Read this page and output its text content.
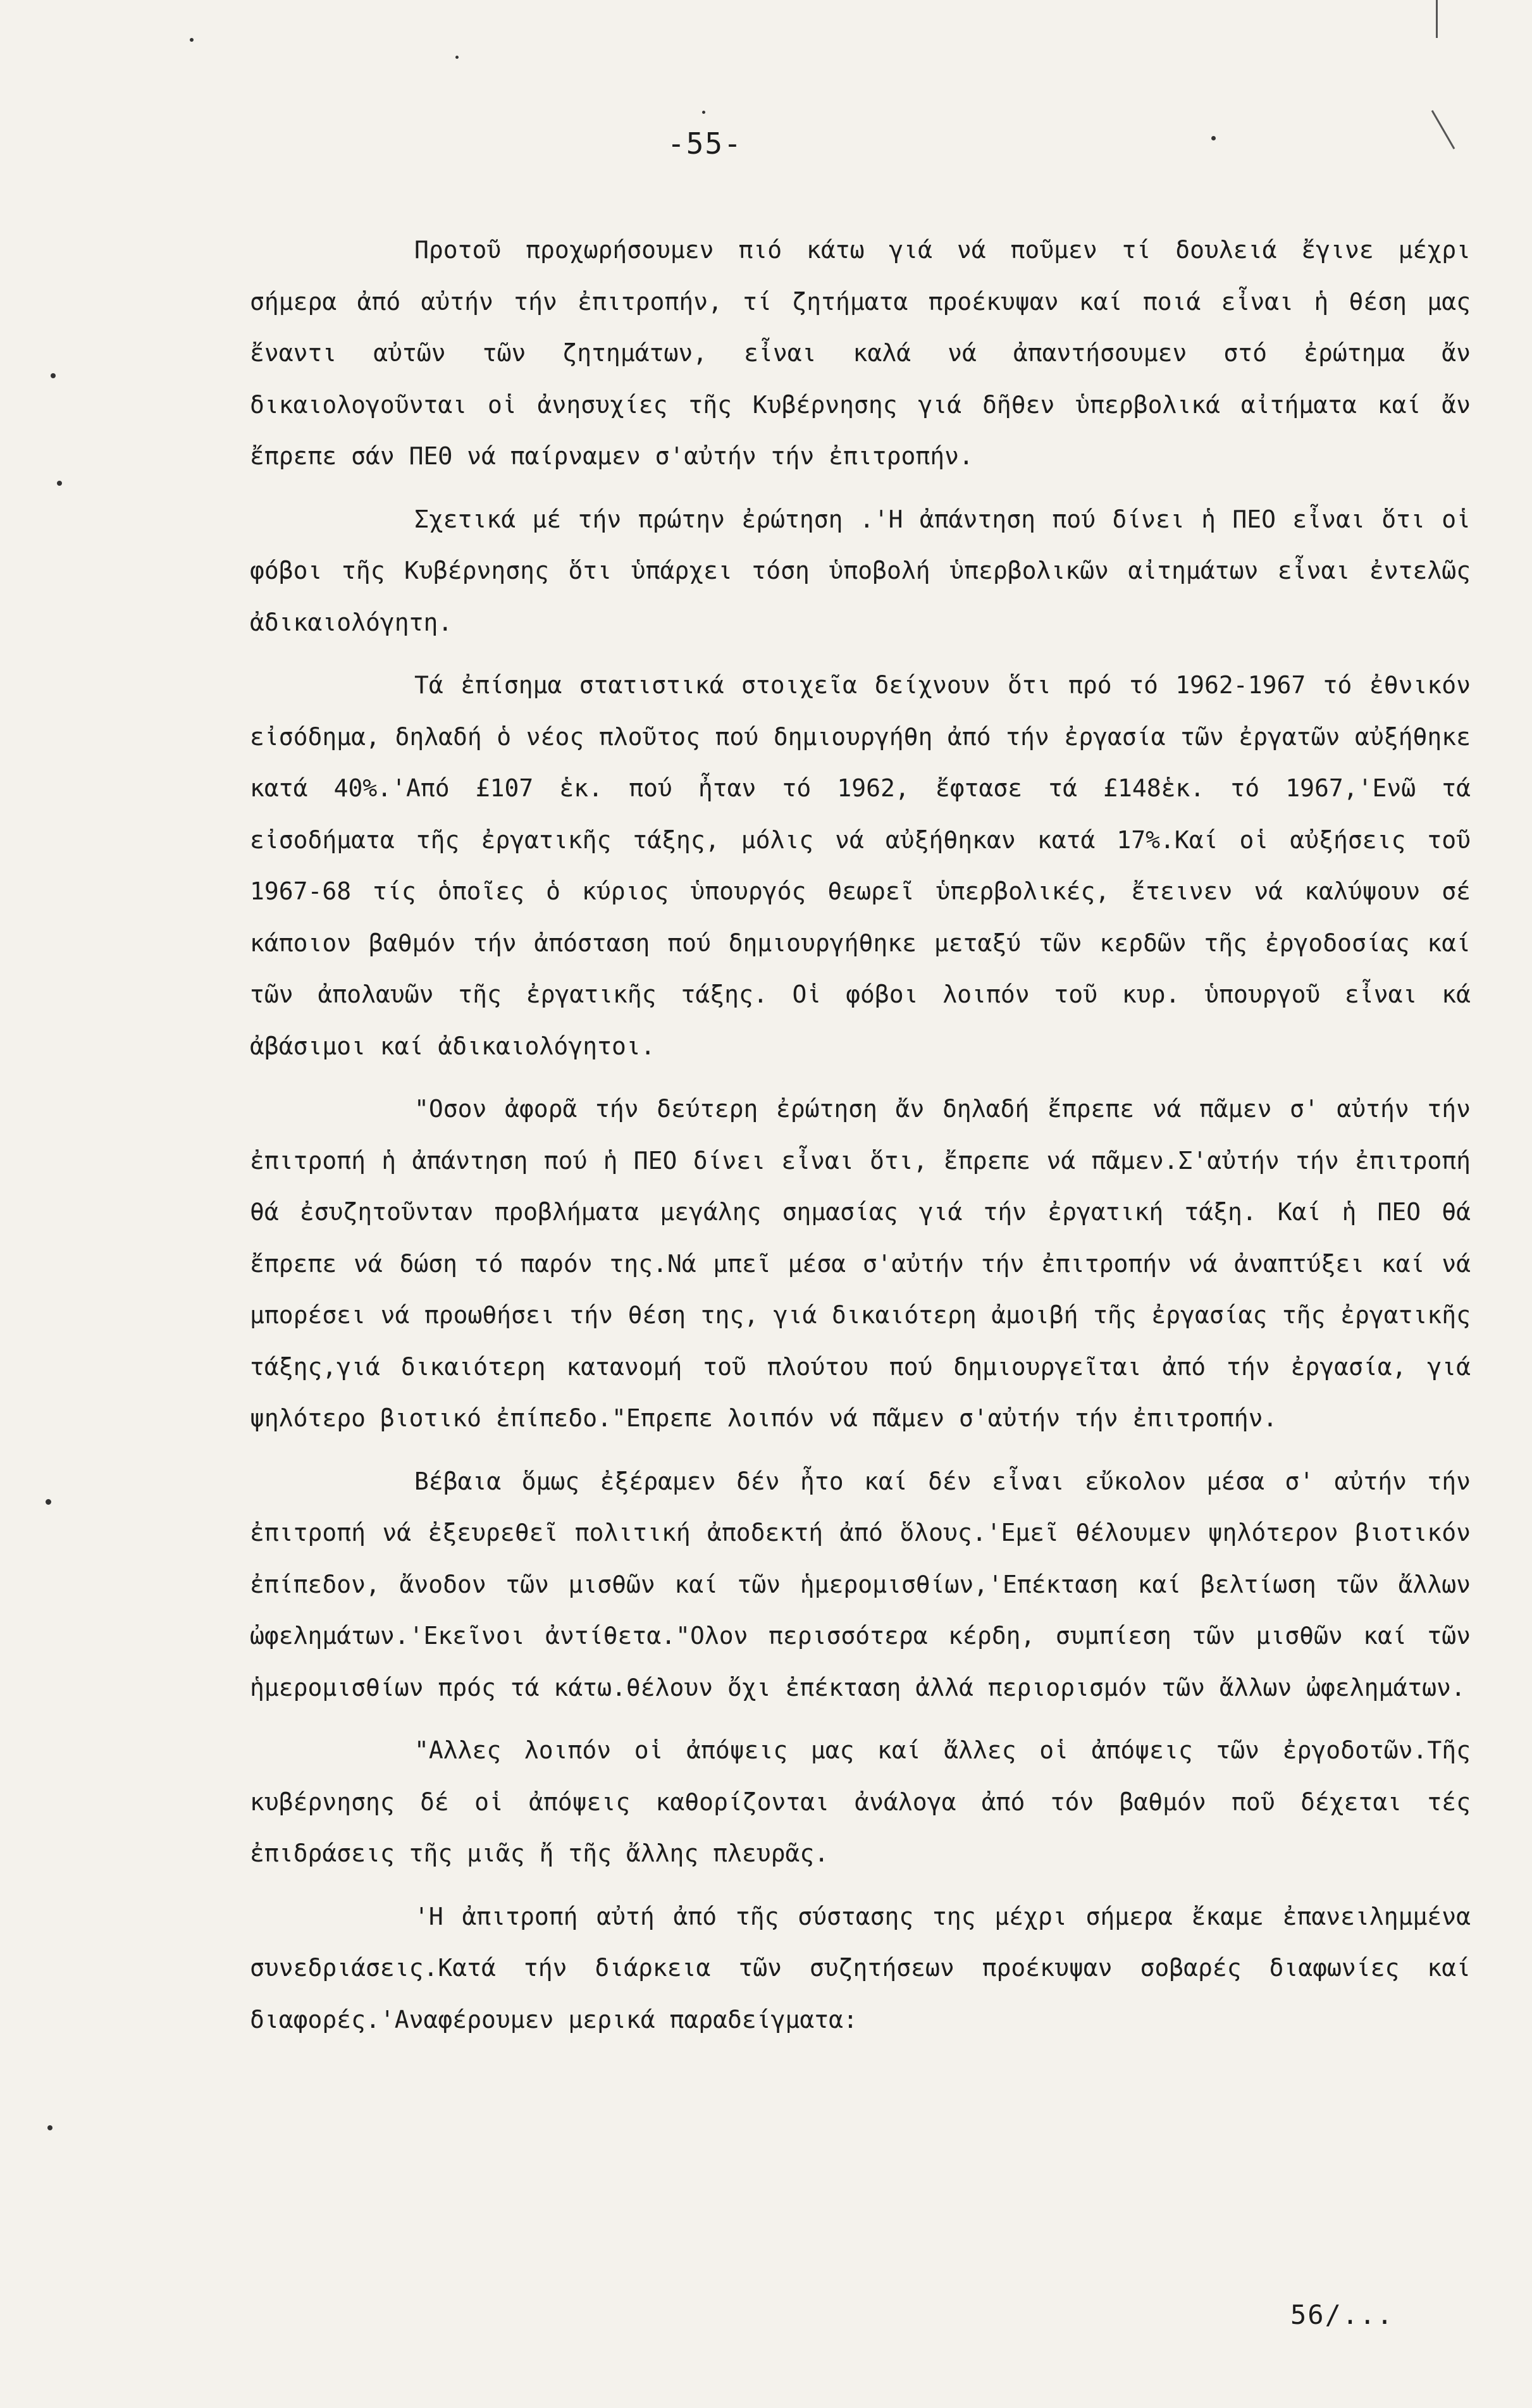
-55-

Προτοῦ προχωρήσουμεν πιό κάτω γιά νά ποῦμεν τί δουλειά ἔγινε μέχρι σήμερα ἀπό αὐτήν τήν ἐπιτροπήν, τί ζητήματα προέκυψαν καί ποιά εἶναι ἡ θέση μας ἔναντι αὐτῶν τῶν ζητημάτων, εἶναι καλά νά ἀπαντήσουμεν στό ἐρώτημα ἄν δικαιολογοῦνται οἱ ἀνησυχίες τῆς Κυβέρνησης γιά δῆθεν ὑπερβολικά αἰτήματα καί ἄν ἔπρεπε σάν ΠΕΘ νά παίρναμεν σ'αὐτήν τήν ἐπιτροπήν.

Σχετικά μέ τήν πρώτην ἐρώτηση .'Η ἀπάντηση πού δίνει ἡ ΠΕΟ εἶναι ὅτι οἱ φόβοι τῆς Κυβέρνησης ὅτι ὑπάρχει τόση ὑποβολή ὑπερβολικῶν αἰτημάτων εἶναι ἐντελῶς ἀδικαιολόγητη.

Τά ἐπίσημα στατιστικά στοιχεῖα δείχνουν ὅτι πρό τό 1962-1967 τό ἐθνικόν εἰσόδημα, δηλαδή ὁ νέος πλοῦτος πού δημιουργήθη ἀπό τήν ἐργασία τῶν ἐργατῶν αὐξήθηκε κατά 40%.'Από £107 ἑκ. πού ἦταν τό 1962, ἔφτασε τά £148ἑκ. τό 1967,'Ενῶ τά εἰσοδήματα τῆς ἐργατικῆς τάξης, μόλις νά αὐξήθηκαν κατά 17%.Καί οἱ αὐξήσεις τοῦ 1967-68 τίς ὁποῖες ὁ κύριος ὑπουργός θεωρεῖ ὑπερβολικές, ἔτεινεν νά καλύψουν σέ κάποιον βαθμόν τήν ἀπόσταση πού δημιουργήθηκε μεταξύ τῶν κερδῶν τῆς ἐργοδοσίας καί τῶν ἀπολαυῶν τῆς ἐργατικῆς τάξης. Οἱ φόβοι λοιπόν τοῦ κυρ. ὑπουργοῦ εἶναι κά ἀβάσιμοι καί ἀδικαιολόγητοι.

"Οσον ἀφορᾶ τήν δεύτερη ἐρώτηση ἄν δηλαδή ἔπρεπε νά πᾶμεν σ' αὐτήν τήν ἐπιτροπή ἡ ἀπάντηση πού ἡ ΠΕΟ δίνει εἶναι ὅτι, ἔπρεπε νά πᾶμεν.Σ'αὐτήν τήν ἐπιτροπή θά ἐσυζητοῦνταν προβλήματα μεγάλης σημασίας γιά τήν ἐργατική τάξη. Καί ἡ ΠΕΟ θά ἔπρεπε νά δώση τό παρόν της.Νά μπεῖ μέσα σ'αὐτήν τήν ἐπιτροπήν νά ἀναπτύξει καί νά μπορέσει νά προωθήσει τήν θέση της, γιά δικαιότερη ἀμοιβή τῆς ἐργασίας τῆς ἐργατικῆς τάξης,γιά δικαιότερη κατανομή τοῦ πλούτου πού δημιουργεῖται ἀπό τήν ἐργασία, γιά ψηλότερο βιοτικό ἐπίπεδο."Επρεπε λοιπόν νά πᾶμεν σ'αὐτήν τήν ἐπιτροπήν.

Βέβαια ὅμως ἐξέραμεν δέν ἦτο καί δέν εἶναι εὔκολον μέσα σ' αὐτήν τήν ἐπιτροπή νά ἐξευρεθεῖ πολιτική ἀποδεκτή ἀπό ὅλους.'Εμεῖ θέλουμεν ψηλότερον βιοτικόν ἐπίπεδον, ἄνοδον τῶν μισθῶν καί τῶν ἡμερομισθίων,'Επέκταση καί βελτίωση τῶν ἄλλων ὠφελημάτων.'Εκεῖνοι ἀντίθετα."Ολον περισσότερα κέρδη, συμπίεση τῶν μισθῶν καί τῶν ἡμερομισθίων πρός τά κάτω.θέλουν ὄχι ἐπέκταση ἀλλά περιορισμόν τῶν ἄλλων ὠφελημάτων.

"Αλλες λοιπόν οἱ ἀπόψεις μας καί ἄλλες οἱ ἀπόψεις τῶν ἐργοδοτῶν.Τῆς κυβέρνησης δέ οἱ ἀπόψεις καθορίζονται ἀνάλογα ἀπό τόν βαθμόν ποῦ δέχεται τές ἐπιδράσεις τῆς μιᾶς ἤ τῆς ἄλλης πλευρᾶς.

'Η ἀπιτροπή αὐτή ἀπό τῆς σύστασης της μέχρι σήμερα ἔκαμε ἐπανειλημμένα συνεδριάσεις.Κατά τήν διάρκεια τῶν συζητήσεων προέκυψαν σοβαρές διαφωνίες καί διαφορές.'Αναφέρουμεν μερικά παραδείγματα:

56/...
